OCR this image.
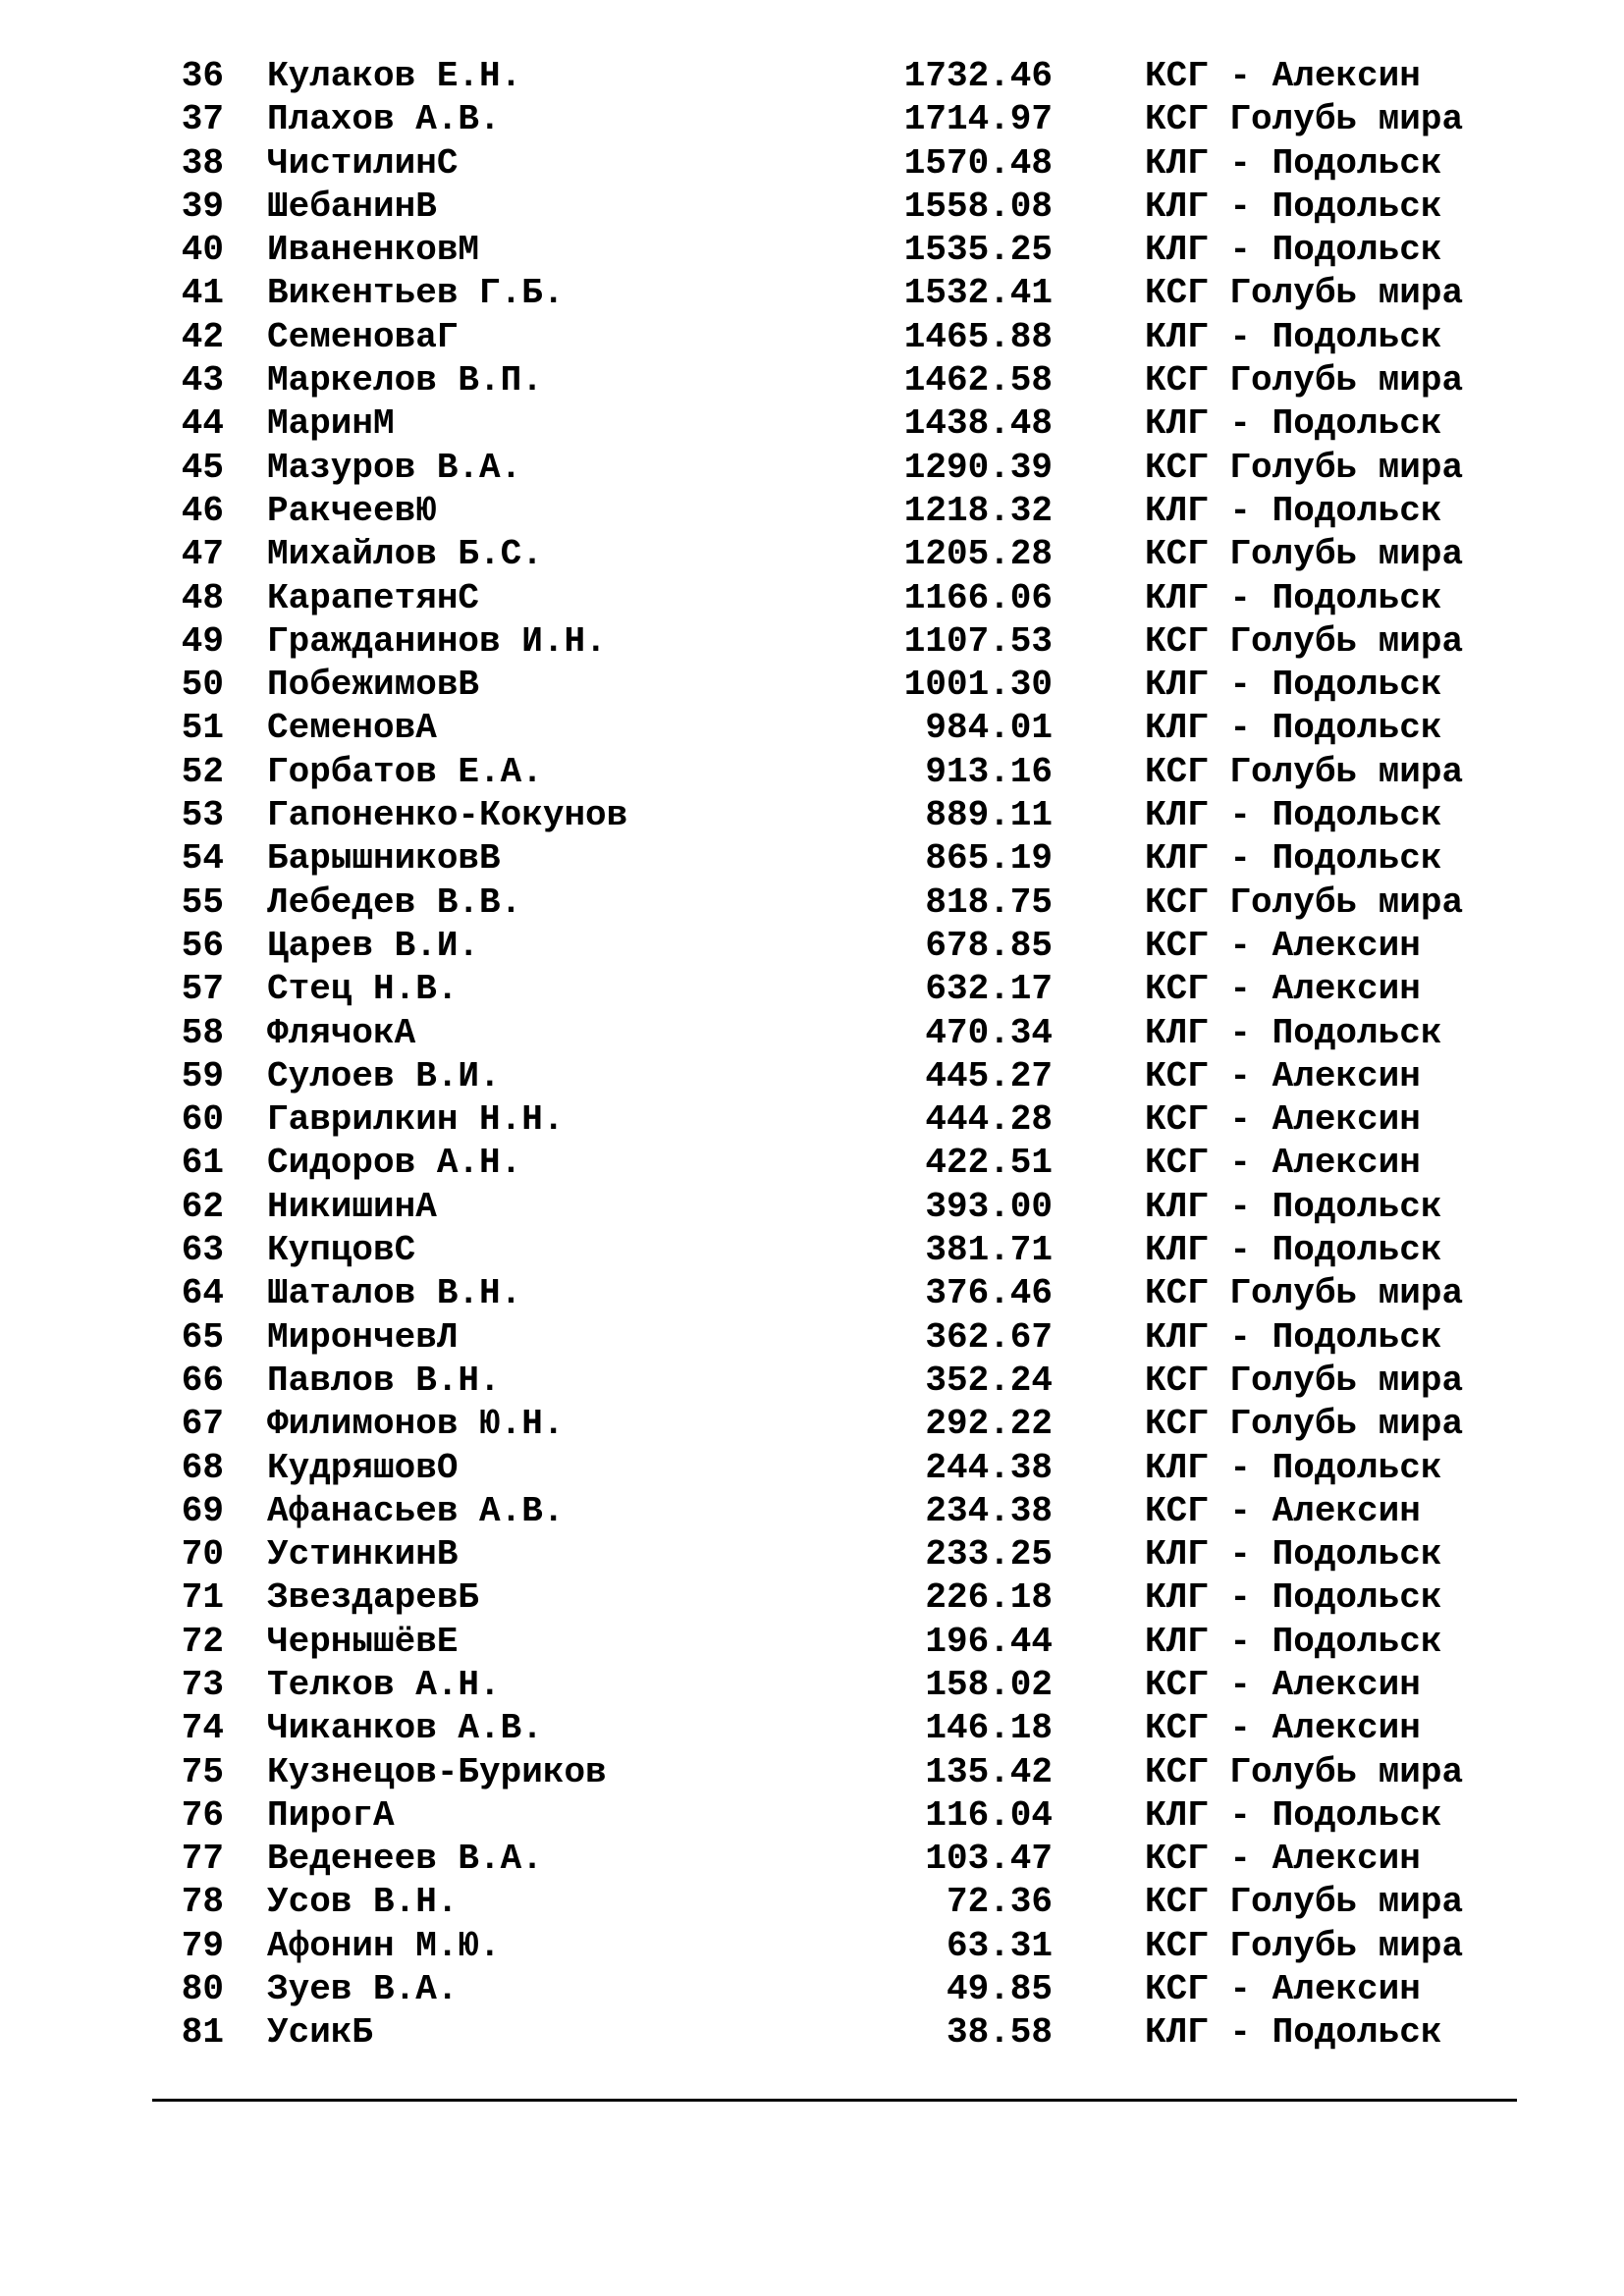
36 Кулаков Е.Н.	1732.46	КСГ - Алексин
37 Плахов А.В.	1714.97	КСГ Голубь мира
38 ЧистилинС	1570.48	КЛГ - Подольск
39 ШебанинВ	1558.08	КЛГ - Подольск
40 ИваненковМ	1535.25	КЛГ - Подольск
41 Викентьев Г.Б.	1532.41	КСГ Голубь мира
42 СеменоваГ	1465.88	КЛГ - Подольск
43 Маркелов В.П.	1462.58	КСГ Голубь мира
44 МаринМ	1438.48	КЛГ - Подольск
45 Мазуров В.А.	1290.39	КСГ Голубь мира
46 РакчеевЮ	1218.32	КЛГ - Подольск
47 Михайлов Б.С.	1205.28	КСГ Голубь мира
48 КарапетянС	1166.06	КЛГ - Подольск
49 Гражданинов И.Н.	1107.53	КСГ Голубь мира
50 ПобежимовВ	1001.30	КЛГ - Подольск
51 СеменовА	984.01	КЛГ - Подольск
52 Горбатов Е.А.	913.16	КСГ Голубь мира
53 Гапоненко-Кокунов	889.11	КЛГ - Подольск
54 БарышниковВ	865.19	КЛГ - Подольск
55 Лебедев В.В.	818.75	КСГ Голубь мира
56 Царев В.И.	678.85	КСГ - Алексин
57 Стец Н.В.	632.17	КСГ - Алексин
58 ФлячокА	470.34	КЛГ - Подольск
59 Сулоев В.И.	445.27	КСГ - Алексин
60 Гаврилкин Н.Н.	444.28	КСГ - Алексин
61 Сидоров А.Н.	422.51	КСГ - Алексин
62 НикишинА	393.00	КЛГ - Подольск
63 КупцовС	381.71	КЛГ - Подольск
64 Шаталов В.Н.	376.46	КСГ Голубь мира
65 МирончевЛ	362.67	КЛГ - Подольск
66 Павлов В.Н.	352.24	КСГ Голубь мира
67 Филимонов Ю.Н.	292.22	КСГ Голубь мира
68 КудряшовО	244.38	КЛГ - Подольск
69 Афанасьев А.В.	234.38	КСГ - Алексин
70 УстинкинВ	233.25	КЛГ - Подольск
71 ЗвездаревБ	226.18	КЛГ - Подольск
72 ЧернышёвЕ	196.44	КЛГ - Подольск
73 Телков А.Н.	158.02	КСГ - Алексин
74 Чиканков А.В.	146.18	КСГ - Алексин
75 Кузнецов-Буриков	135.42	КСГ Голубь мира
76 ПирогА	116.04	КЛГ - Подольск
77 Веденеев В.А.	103.47	КСГ - Алексин
78 Усов В.Н.	72.36	КСГ Голубь мира
79 Афонин М.Ю.	63.31	КСГ Голубь мира
80 Зуев В.А.	49.85	КСГ - Алексин
81 УсикБ	38.58	КЛГ - Подольск
